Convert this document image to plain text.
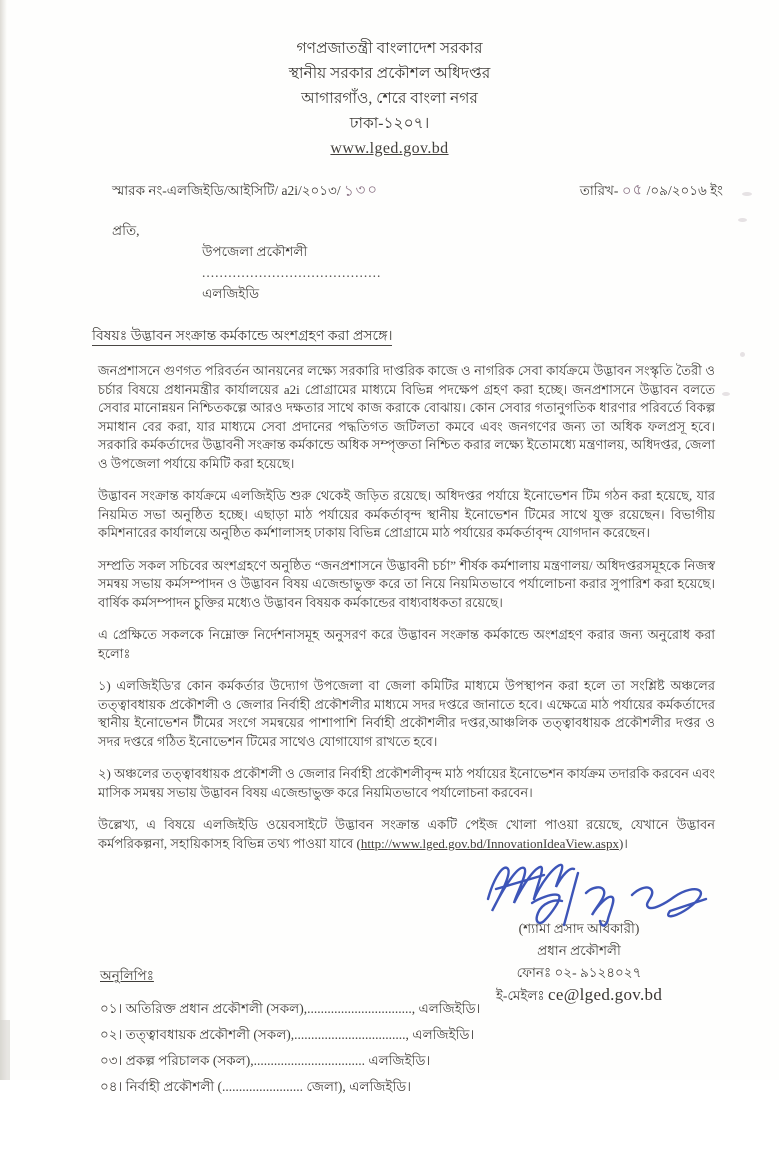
গণপ্রজাতন্ত্রী বাংলাদেশ সরকার
স্থানীয় সরকার প্রকৌশল অধিদপ্তর
আগারগাঁও, শেরে বাংলা নগর
ঢাকা-১২০৭।
www.lged.gov.bd
স্মারক নং-এলজিইডি/আইসিটি/ a2i/২০১৩/ ১৩০	তারিখ- ০৫ /০৯/২০১৬ ইং
প্রতি,
উপজেলা প্রকৌশলী
.........................................
এলজিইডি
বিষয়ঃ উদ্ভাবন সংক্রান্ত কর্মকান্ডে অংশগ্রহণ করা প্রসঙ্গে।

জনপ্রশাসনে গুণগত পরিবর্তন আনয়নের লক্ষ্যে সরকারি দাপ্তরিক কাজে ও নাগরিক সেবা কার্যক্রমে উদ্ভাবন সংস্কৃতি তৈরী ও চর্চার বিষয়ে প্রধানমন্ত্রীর কার্যালয়ের a2i প্রোগ্রামের মাধ্যমে বিভিন্ন পদক্ষেপ গ্রহণ করা হচ্ছে। জনপ্রশাসনে উদ্ভাবন বলতে সেবার মানোন্নয়ন নিশ্চিতকল্পে আরও দক্ষতার সাথে কাজ করাকে বোঝায়। কোন সেবার গতানুগতিক ধারণার পরিবর্তে বিকল্প সমাধান বের করা, যার মাধ্যমে সেবা প্রদানের পদ্ধতিগত জটিলতা কমবে এবং জনগণের জন্য তা অধিক ফলপ্রসূ হবে। সরকারি কর্মকর্তাদের উদ্ভাবনী সংক্রান্ত কর্মকান্ডে অধিক সম্পৃক্ততা নিশ্চিত করার লক্ষ্যে ইতোমধ্যে মন্ত্রণালয়, অধিদপ্তর, জেলা ও উপজেলা পর্যায়ে কমিটি করা হয়েছে।

উদ্ভাবন সংক্রান্ত কার্যক্রমে এলজিইডি শুরু থেকেই জড়িত রয়েছে। অধিদপ্তর পর্যায়ে ইনোভেশন টিম গঠন করা হয়েছে, যার নিয়মিত সভা অনুষ্ঠিত হচ্ছে। এছাড়া মাঠ পর্যায়ের কর্মকর্তাবৃন্দ স্থানীয় ইনোভেশন টিমের সাথে যুক্ত রয়েছেন। বিভাগীয় কমিশনারের কার্যালয়ে অনুষ্ঠিত কর্মশালাসহ ঢাকায় বিভিন্ন প্রোগ্রামে মাঠ পর্যায়ের কর্মকর্তাবৃন্দ যোগদান করেছেন।

সম্প্রতি সকল সচিবের অংশগ্রহণে অনুষ্ঠিত “জনপ্রশাসনে উদ্ভাবনী চর্চা” শীর্ষক কর্মশালায় মন্ত্রণালয়/ অধিদপ্তরসমূহকে নিজস্ব সমন্বয় সভায় কর্মসম্পাদন ও উদ্ভাবন বিষয় এজেন্ডাভুক্ত করে তা নিয়ে নিয়মিতভাবে পর্যালোচনা করার সুপারিশ করা হয়েছে। বার্ষিক কর্মসম্পাদন চুক্তির মধ্যেও উদ্ভাবন বিষয়ক কর্মকান্ডের বাধ্যবাধকতা রয়েছে।

এ প্রেক্ষিতে সকলকে নিম্নোক্ত নির্দেশনাসমূহ অনুসরণ করে উদ্ভাবন সংক্রান্ত কর্মকান্ডে অংশগ্রহণ করার জন্য অনুরোধ করা হলোঃ

১) এলজিইডি'র কোন কর্মকর্তার উদ্যোগ উপজেলা বা জেলা কমিটির মাধ্যমে উপস্থাপন করা হলে তা সংশ্লিষ্ট অঞ্চলের তত্ত্বাবধায়ক প্রকৌশলী ও জেলার নির্বাহী প্রকৌশলীর মাধ্যমে সদর দপ্তরে জানাতে হবে। এক্ষেত্রে মাঠ পর্যায়ের কর্মকর্তাদের স্থানীয় ইনোভেশন টীমের সংগে সমন্বয়ের পাশাপাশি নির্বাহী প্রকৌশলীর দপ্তর,আঞ্চলিক তত্ত্বাবধায়ক প্রকৌশলীর দপ্তর ও সদর দপ্তরে গঠিত ইনোভেশন টিমের সাথেও যোগাযোগ রাখতে হবে।

২) অঞ্চলের তত্ত্বাবধায়ক প্রকৌশলী ও জেলার নির্বাহী প্রকৌশলীবৃন্দ মাঠ পর্যায়ের ইনোভেশন কার্যক্রম তদারকি করবেন এবং মাসিক সমন্বয় সভায় উদ্ভাবন বিষয় এজেন্ডাভুক্ত করে নিয়মিতভাবে পর্যালোচনা করবেন।

উল্লেখ্য, এ বিষয়ে এলজিইডি ওয়েবসাইটে উদ্ভাবন সংক্রান্ত একটি পেইজ খোলা পাওয়া রয়েছে, যেখানে উদ্ভাবন কর্মপরিকল্পনা, সহায়িকাসহ বিভিন্ন তথ্য পাওয়া যাবে (http://www.lged.gov.bd/InnovationIdeaView.aspx)।

(শ্যামা প্রসাদ অধিকারী)
প্রধান প্রকৌশলী
ফোনঃ ০২- ৯১২৪০২৭
ই-মেইলঃ ce@lged.gov.bd
অনুলিপিঃ
০১। অতিরিক্ত প্রধান প্রকৌশলী (সকল),..............................., এলজিইডি।
০২। তত্ত্বাবধায়ক প্রকৌশলী (সকল),................................., এলজিইডি।
০৩। প্রকল্প পরিচালক (সকল),................................. এলজিইডি।
০৪। নির্বাহী প্রকৌশলী (........................ জেলা), এলজিইডি।
